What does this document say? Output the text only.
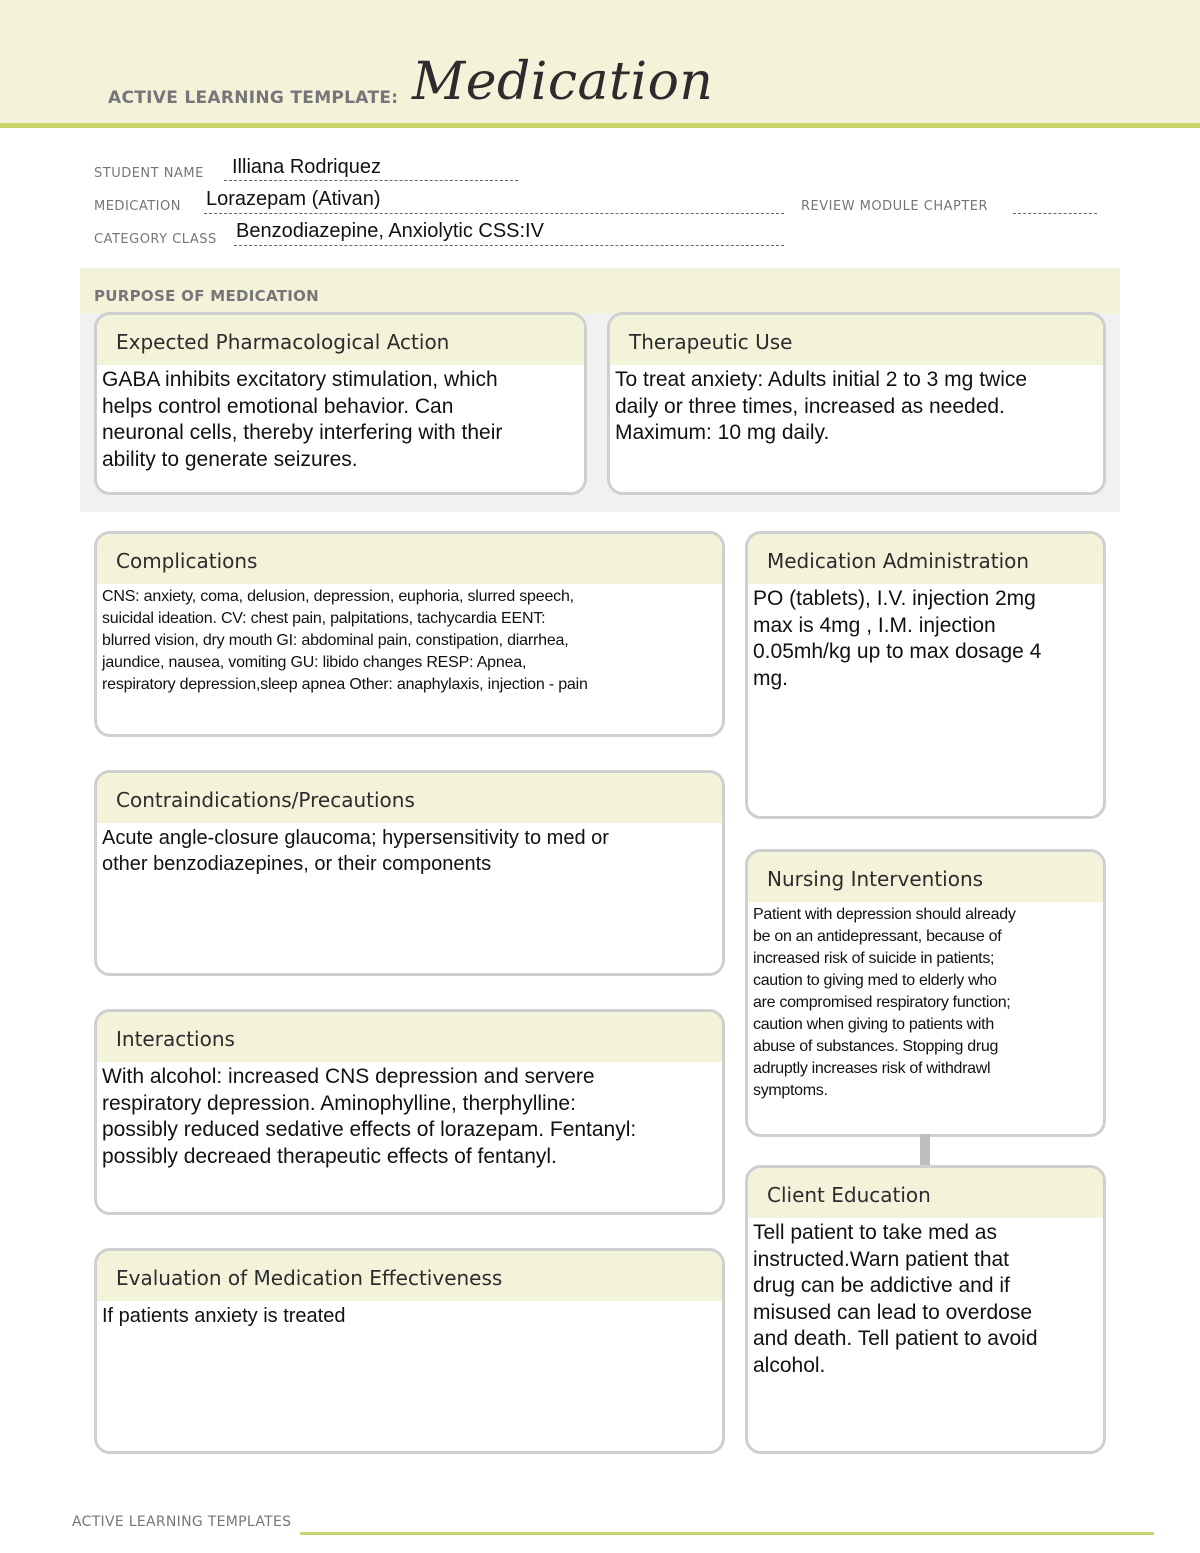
ACTIVE LEARNING TEMPLATE: Medication
STUDENT NAME Illiana Rodriquez
MEDICATION Lorazepam (Ativan)	REVIEW MODULE CHAPTER
CATEGORY CLASS Benzodiazepine, Anxiolytic CSS:IV
PURPOSE OF MEDICATION
Expected Pharmacological Action
GABA inhibits excitatory stimulation, which
helps control emotional behavior. Can
neuronal cells, thereby interfering with their
ability to generate seizures.
Therapeutic Use
To treat anxiety: Adults initial 2 to 3 mg twice
daily or three times, increased as needed.
Maximum: 10 mg daily.
Complications
CNS: anxiety, coma, delusion, depression, euphoria, slurred speech,
suicidal ideation. CV: chest pain, palpitations, tachycardia EENT:
blurred vision, dry mouth GI: abdominal pain, constipation, diarrhea,
jaundice, nausea, vomiting GU: libido changes RESP: Apnea,
respiratory depression,sleep apnea Other: anaphylaxis, injection - pain
Contraindications/Precautions
Acute angle-closure glaucoma; hypersensitivity to med or
other benzodiazepines, or their components
Interactions
With alcohol: increased CNS depression and servere
respiratory depression. Aminophylline, therphylline:
possibly reduced sedative effects of lorazepam. Fentanyl:
possibly decreaed therapeutic effects of fentanyl.
Evaluation of Medication Effectiveness
If patients anxiety is treated
Medication Administration
PO (tablets), I.V. injection 2mg
max is 4mg , I.M. injection
0.05mh/kg up to max dosage 4
mg.
Nursing Interventions
Patient with depression should already
be on an antidepressant, because of
increased risk of suicide in patients;
caution to giving med to elderly who
are compromised respiratory function;
caution when giving to patients with
abuse of substances. Stopping drug
adruptly increases risk of withdrawl
symptoms.
Client Education
Tell patient to take med as
instructed.Warn patient that
drug can be addictive and if
misused can lead to overdose
and death. Tell patient to avoid
alcohol.
ACTIVE LEARNING TEMPLATES
